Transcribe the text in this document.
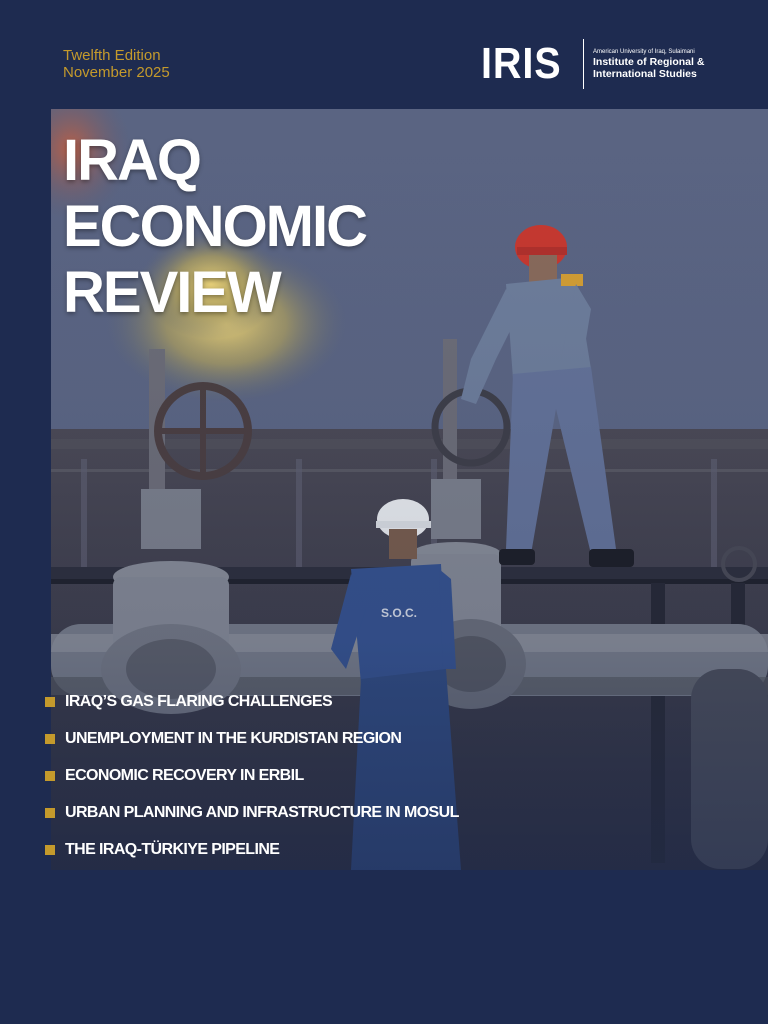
Twelfth Edition
November 2025	IRIS	American University of Iraq, Sulaimani
Institute of Regional &
International Studies
IRAQ
ECONOMIC
REVIEW
IRAQ’S GAS FLARING CHALLENGES
UNEMPLOYMENT IN THE KURDISTAN REGION
ECONOMIC RECOVERY IN ERBIL
URBAN PLANNING AND INFRASTRUCTURE IN MOSUL
THE IRAQ-TÜRKIYE PIPELINE
